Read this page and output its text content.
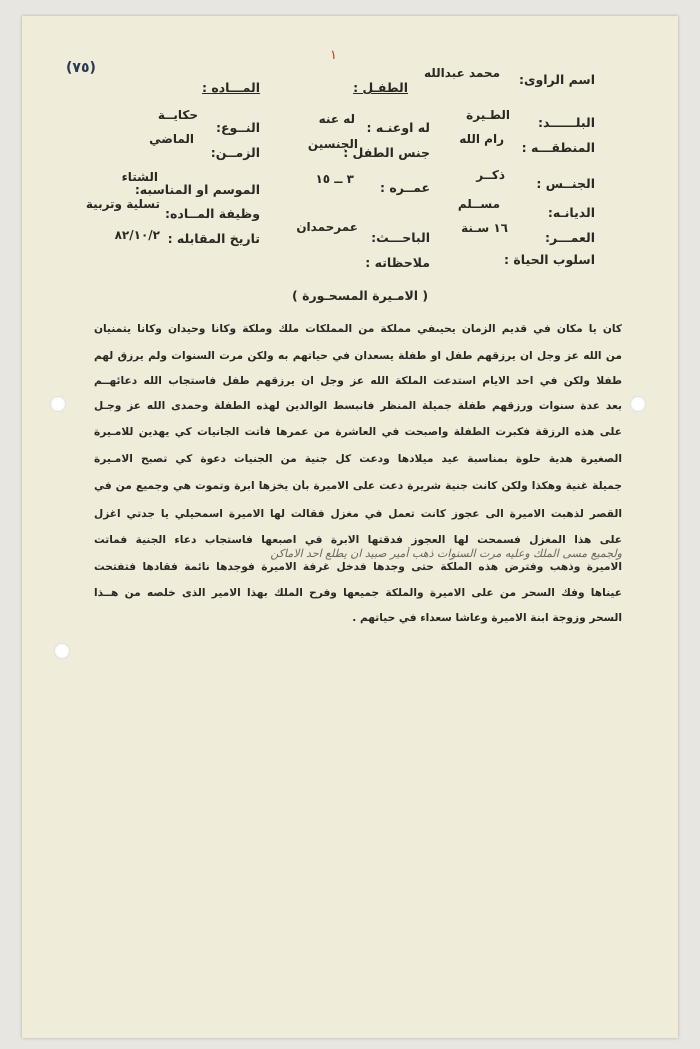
١
(٧٥)
اسم الراوى:
محمد عبدالله
الطفـل :
المـــاده :
البلــــــد:
الطـيرة
له اوعنـه :
له عنه
النــوع:
حكايــة
المنطقـــه :
رام الله
جنس الطفل :
الجنسين
الزمــن:
الماضي
الجنــس :
ذكــر
عمــره :
٣ ــ ١٥
الموسم او المناسبه:
الشتاء
الديانـه:
مســلم
وظيفة المــاده:
تسلية وتربية
العمـــر:
١٦ سـنة
الباحـــث:
عمرحمدان
تاريخ المقابله :
٨٢/١٠/٢
اسلوب الحياة :
ملاحظاته :
( الامـيرة المسحـورة )
كان يا مكان في قديم الزمان يحيىفي مملكة من المملكات ملك وملكة وكانا وحيدان وكانا يتمنيان
من الله عز وجل ان يرزقهم طفل او طفلة يسعدان في حياتهم به ولكن مرت السنوات ولم يرزق لهم
طفلا ولكن في احد الايام استدعت الملكة الله عز وجل ان يرزقهم طفل فاستجاب الله دعائهــم
بعد عدة سنوات ورزقهم طفلة جميلة المنظر فانبسط الوالدين لهذه الطفلة وحمدى الله عز وجـل
على هذه الرزقة فكبرت الطفلة واصبحت في العاشرة من عمرها فأتت الجانيات كي يهدين للامـيرة
الصغيرة هدية حلوة بمناسبة عيد ميلادها ودعت كل جنية من الجنيات دعوة كي تصبح الامـيرة
جميلة غنية وهكذا ولكن كانت جنية شريرة دعت على الاميرة بأن يخزها ابرة وتموت هي وجميع من في
القصر لذهبت الاميرة الى عجوز كانت تعمل في مغزل فقالت لها الاميرة اسمحيلي يا جدتي اغزل
على هذا المغزل فسمحت لها العجوز فدقتها الابرة في اصبعها فاستجاب دعاء الجنية فماتت
ولجميع مسى الملك وعليه مرت السنوات ذهب أمير صبيد ان يطلع احد الاماكن
الاميرة وذهب وفترض هذه الملكة حتى وجدها فدخل غرفة الاميرة فوجدها نائمة فقادها فتفتحت
عيناها وفك السحر من على الاميرة والملكة جميعها وفرح الملك بهذا الامير الذى خلصه من هــذا
السحر وزوجة ابنة الاميرة وعاشا سعداء في حياتهم .
